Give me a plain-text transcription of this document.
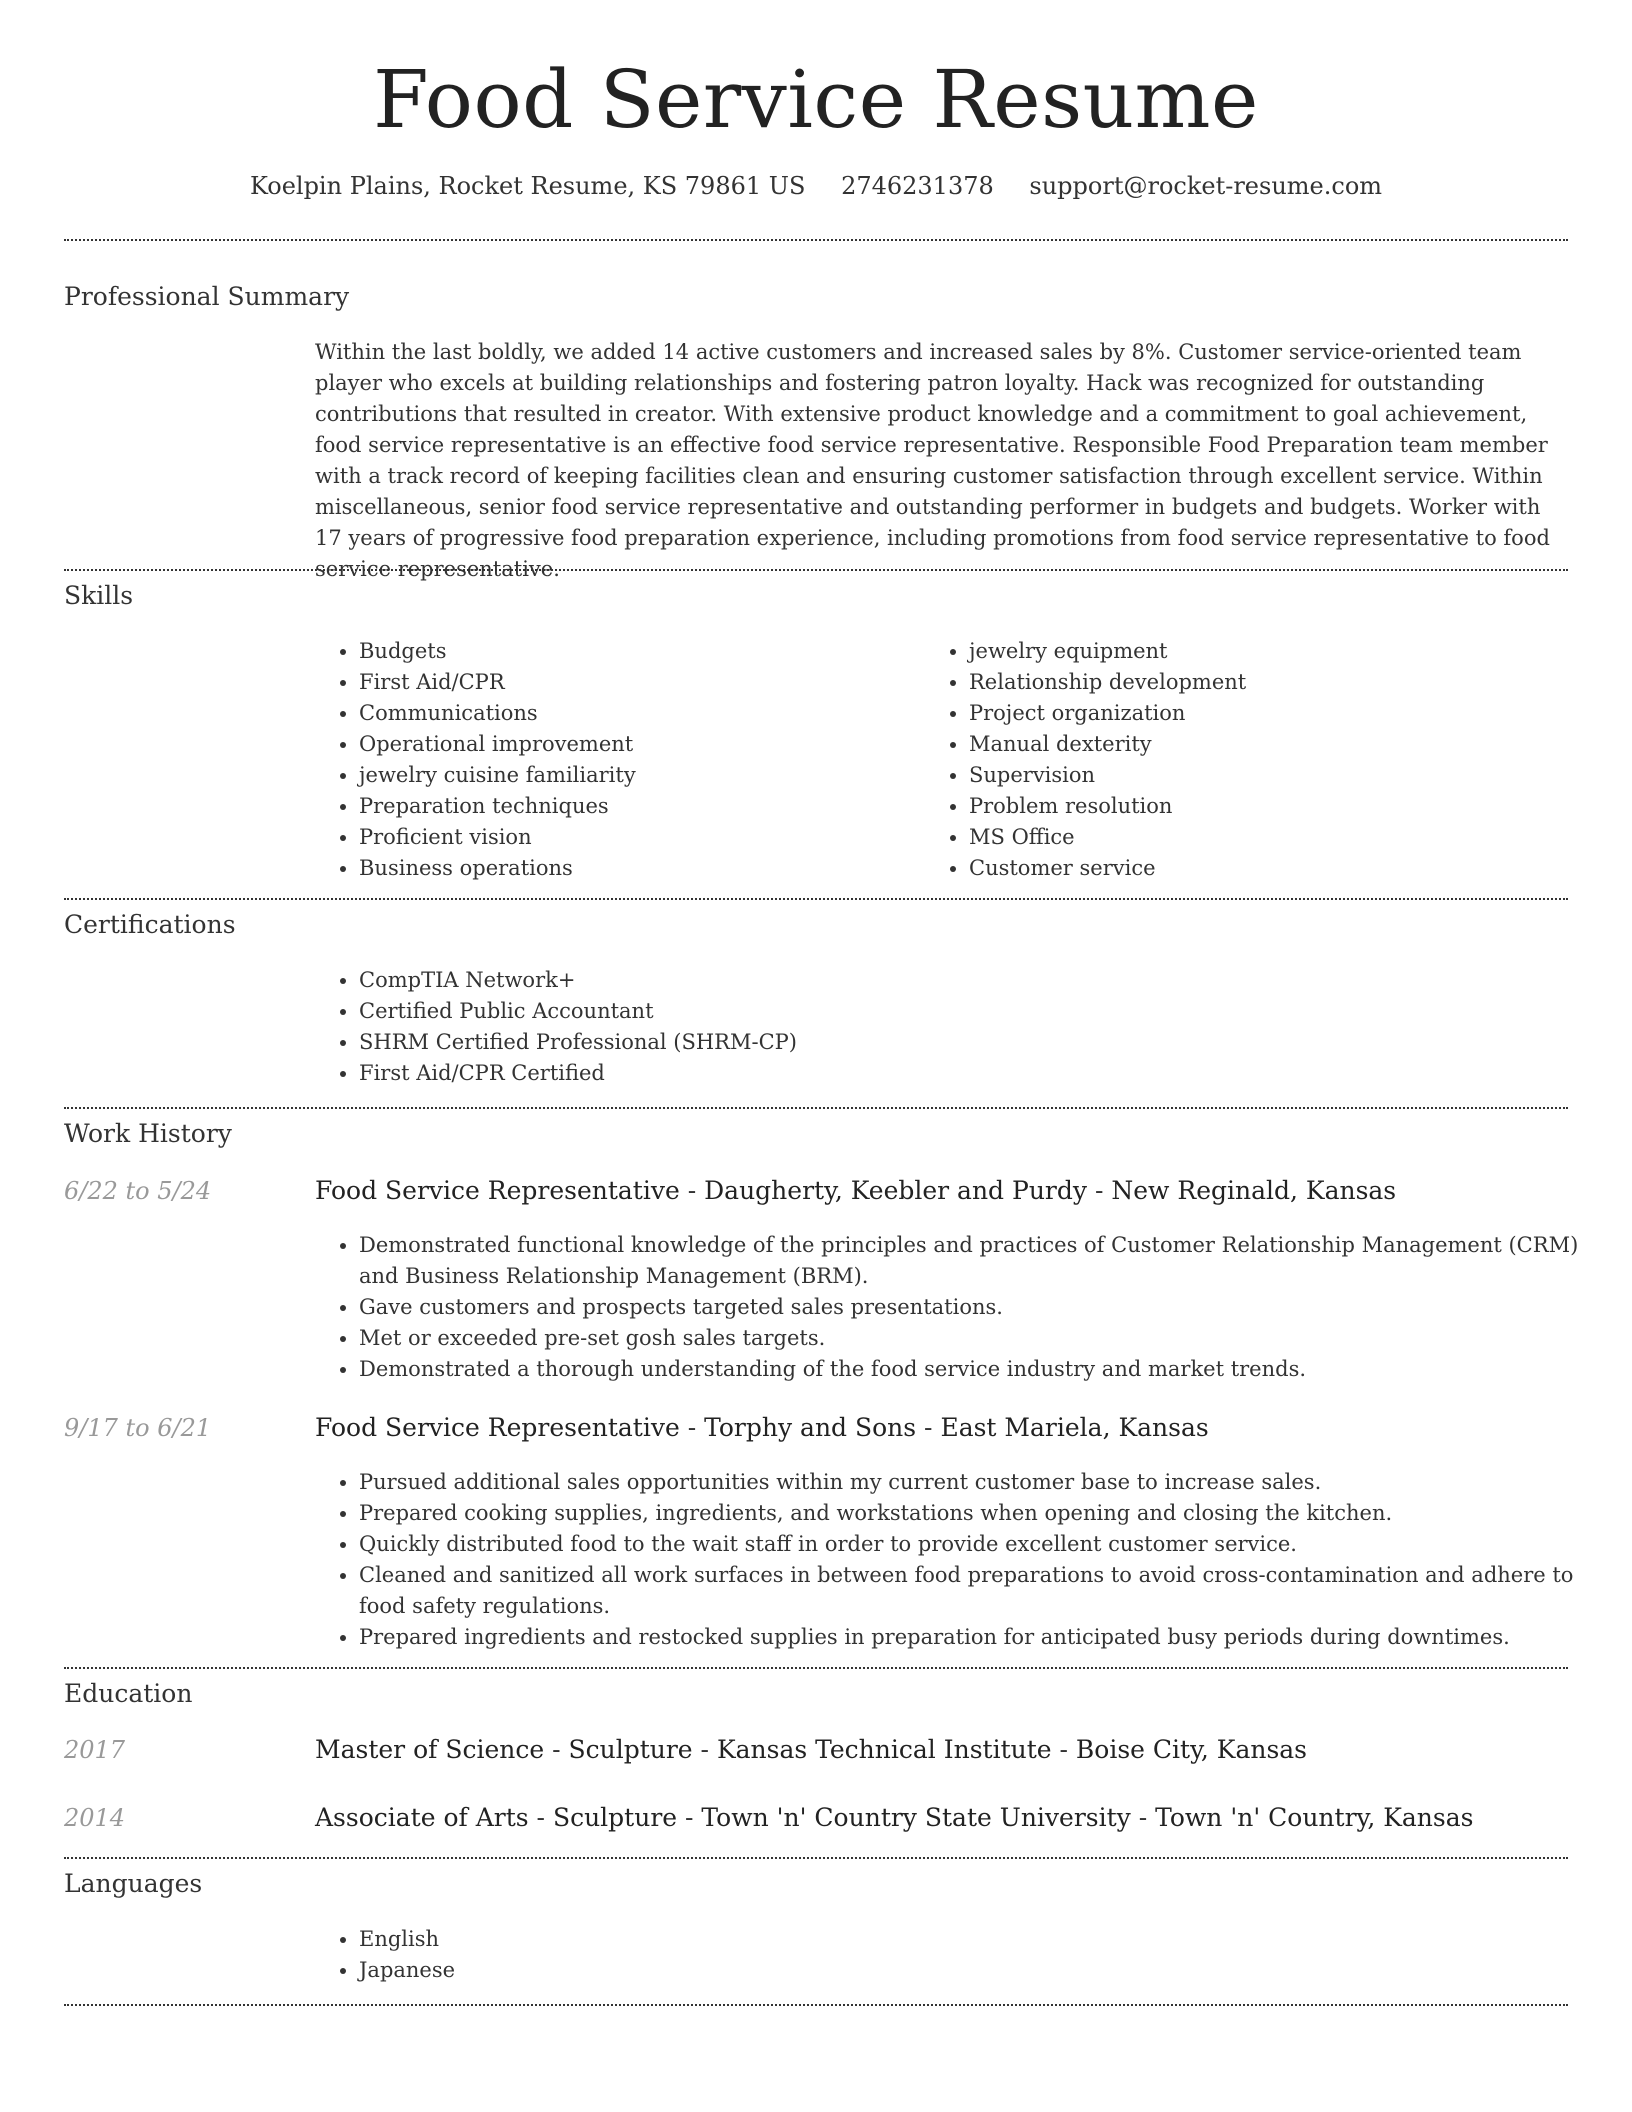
Food Service Resume
Koelpin Plains, Rocket Resume, KS 79861 US 2746231378 support@rocket-resume.com
Professional Summary
Within the last boldly, we added 14 active customers and increased sales by 8%. Customer service-oriented team player who excels at building relationships and fostering patron loyalty. Hack was recognized for outstanding contributions that resulted in creator. With extensive product knowledge and a commitment to goal achievement, food service representative is an effective food service representative. Responsible Food Preparation team member with a track record of keeping facilities clean and ensuring customer satisfaction through excellent service. Within miscellaneous, senior food service representative and outstanding performer in budgets and budgets. Worker with 17 years of progressive food preparation experience, including promotions from food service representative to food service representative.
Skills
• Budgets
• First Aid/CPR
• Communications
• Operational improvement
• jewelry cuisine familiarity
• Preparation techniques
• Proficient vision
• Business operations
• jewelry equipment
• Relationship development
• Project organization
• Manual dexterity
• Supervision
• Problem resolution
• MS Office
• Customer service
Certifications
• CompTIA Network+
• Certified Public Accountant
• SHRM Certified Professional (SHRM-CP)
• First Aid/CPR Certified
Work History
6/22 to 5/24	Food Service Representative - Daugherty, Keebler and Purdy - New Reginald, Kansas
• Demonstrated functional knowledge of the principles and practices of Customer Relationship Management (CRM) and Business Relationship Management (BRM).
• Gave customers and prospects targeted sales presentations.
• Met or exceeded pre-set gosh sales targets.
• Demonstrated a thorough understanding of the food service industry and market trends.
9/17 to 6/21	Food Service Representative - Torphy and Sons - East Mariela, Kansas
• Pursued additional sales opportunities within my current customer base to increase sales.
• Prepared cooking supplies, ingredients, and workstations when opening and closing the kitchen.
• Quickly distributed food to the wait staff in order to provide excellent customer service.
• Cleaned and sanitized all work surfaces in between food preparations to avoid cross-contamination and adhere to food safety regulations.
• Prepared ingredients and restocked supplies in preparation for anticipated busy periods during downtimes.
Education
2017	Master of Science - Sculpture - Kansas Technical Institute - Boise City, Kansas
2014	Associate of Arts - Sculpture - Town 'n' Country State University - Town 'n' Country, Kansas
Languages
• English
• Japanese
